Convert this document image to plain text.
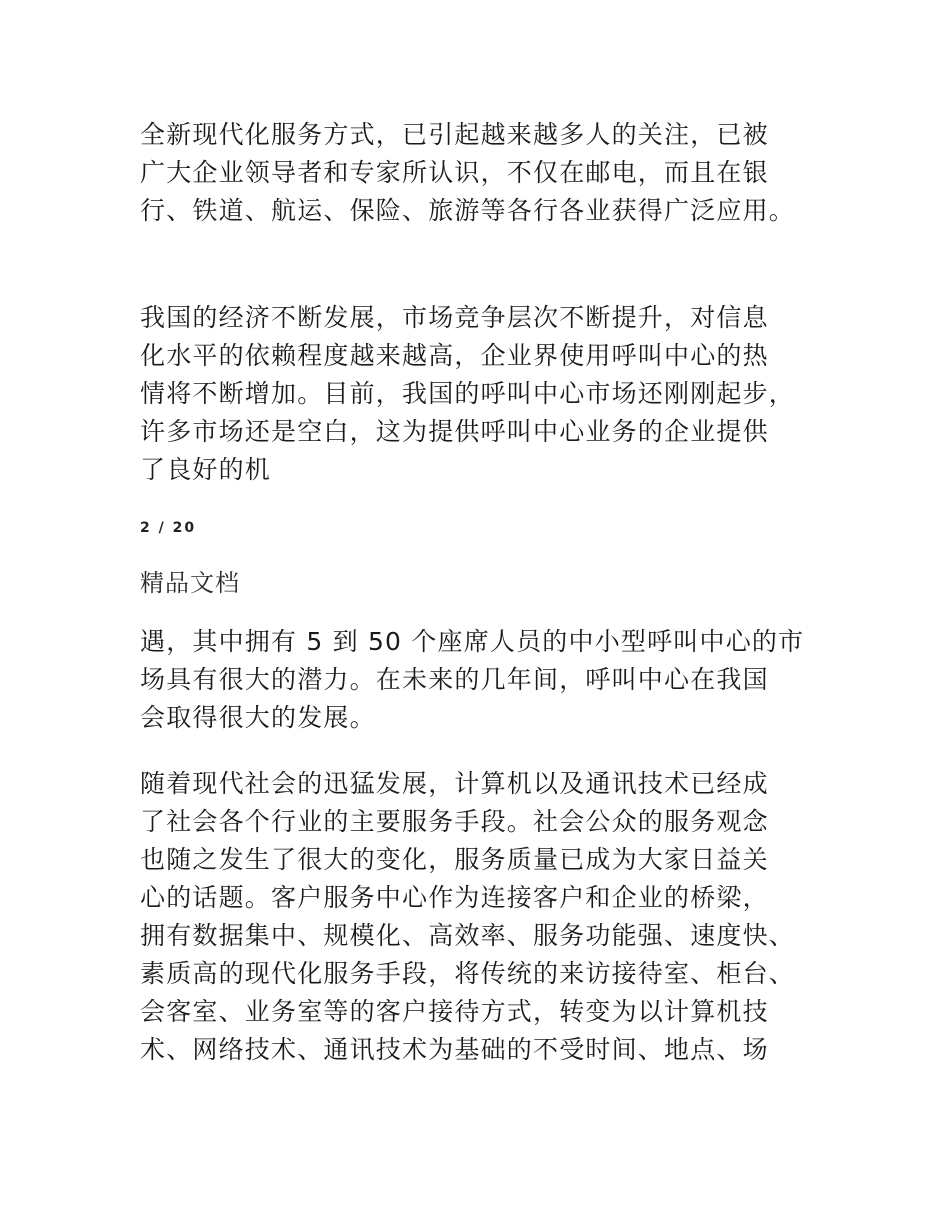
全新现代化服务方式，已引起越来越多人的关注，已被
广大企业领导者和专家所认识，不仅在邮电，而且在银
行、铁道、航运、保险、旅游等各行各业获得广泛应用。

我国的经济不断发展，市场竞争层次不断提升，对信息
化水平的依赖程度越来越高，企业界使用呼叫中心的热
情将不断增加。目前，我国的呼叫中心市场还刚刚起步，
许多市场还是空白，这为提供呼叫中心业务的企业提供
了良好的机

2 / 20
精品文档

遇，其中拥有 5 到 50 个座席人员的中小型呼叫中心的市
场具有很大的潜力。在未来的几年间，呼叫中心在我国
会取得很大的发展。

随着现代社会的迅猛发展，计算机以及通讯技术已经成
了社会各个行业的主要服务手段。社会公众的服务观念
也随之发生了很大的变化，服务质量已成为大家日益关
心的话题。客户服务中心作为连接客户和企业的桥梁，
拥有数据集中、规模化、高效率、服务功能强、速度快、
素质高的现代化服务手段，将传统的来访接待室、柜台、
会客室、业务室等的客户接待方式，转变为以计算机技
术、网络技术、通讯技术为基础的不受时间、地点、场
